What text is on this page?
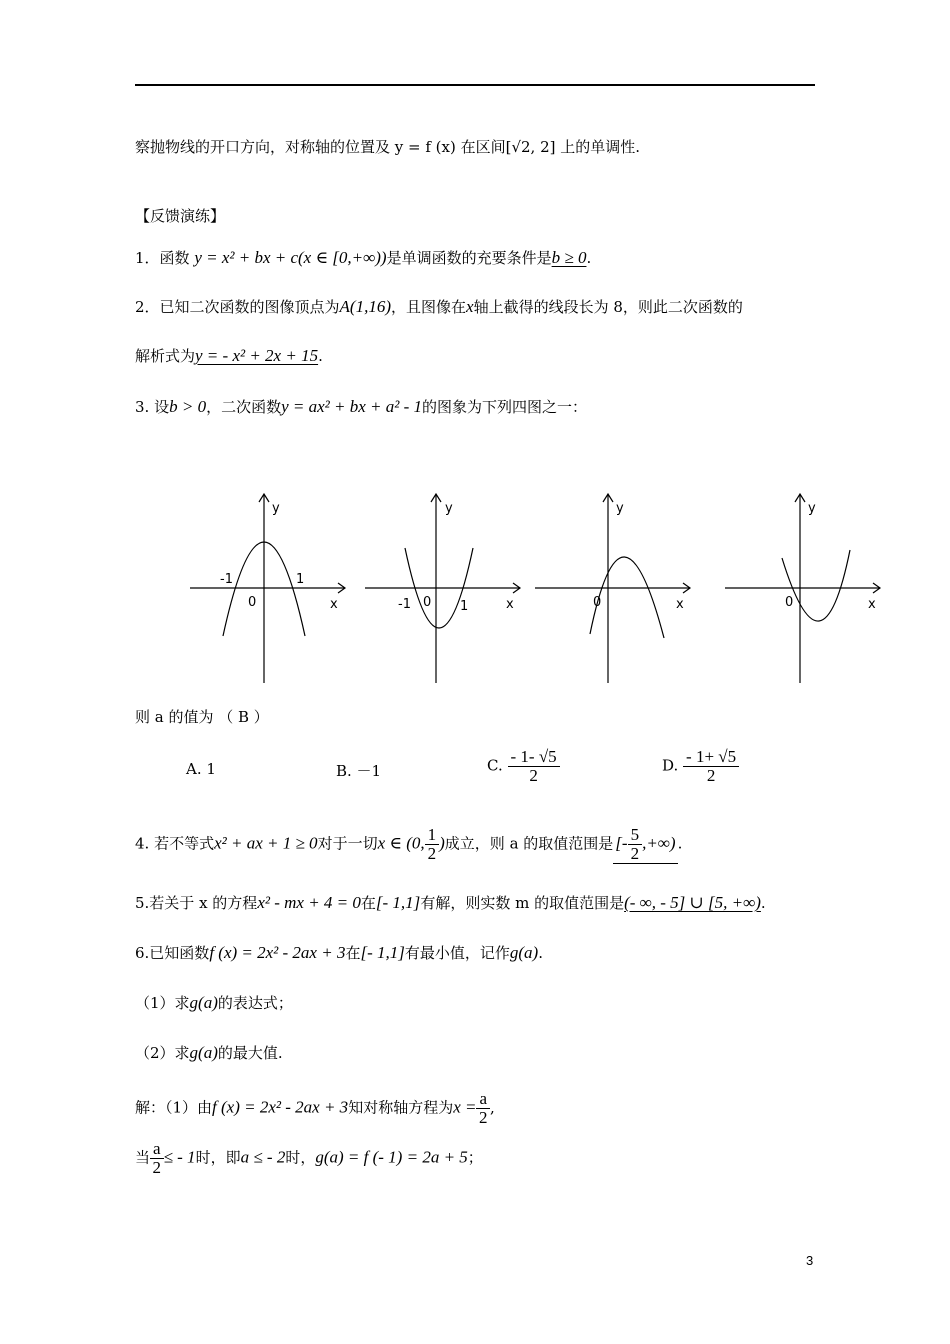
察抛物线的开口方向，对称轴的位置及 y = f (x) 在区间[√2, 2] 上的单调性.
【反馈演练】
1．函数 y = x² + bx + c(x ∈ [0,+∞))是单调函数的充要条件是b ≥ 0.
2．已知二次函数的图像顶点为A(1,16)，且图像在x轴上截得的线段长为 8，则此二次函数的
解析式为y = - x² + 2x + 15.
3. 设b > 0，二次函数y = ax² + bx + a² - 1的图象为下列四图之一：
y
x
0
-1	1
y
x
0
-1	1
y
x
0
y
x
0
则 a 的值为 （ B ）
A. 1	B. －1	C. $\frac{- 1- √5}{2}$	D. $\frac{- 1+ √5}{2}$
4. 若不等式x² + ax + 1 ≥ 0对于一切x ∈ (0, $\frac{1}{2}$ )成立，则 a 的取值范围是 [- $\frac{5}{2}$ ,+∞) .
5.若关于 x 的方程x² - mx + 4 = 0在[- 1,1]有解，则实数 m 的取值范围是(- ∞, - 5] ∪ [5, +∞).
6.已知函数f (x) = 2x² - 2ax + 3在[- 1,1]有最小值，记作g(a).
（1）求g(a)的表达式；
（2）求g(a)的最大值.
解：（1）由f (x) = 2x² - 2ax + 3知对称轴方程为$x = \frac{a}{2}$ ,
当 $\frac{a}{2}$ ≤ - 1时，即a ≤ - 2时，g(a) = f (- 1) = 2a + 5；
3
